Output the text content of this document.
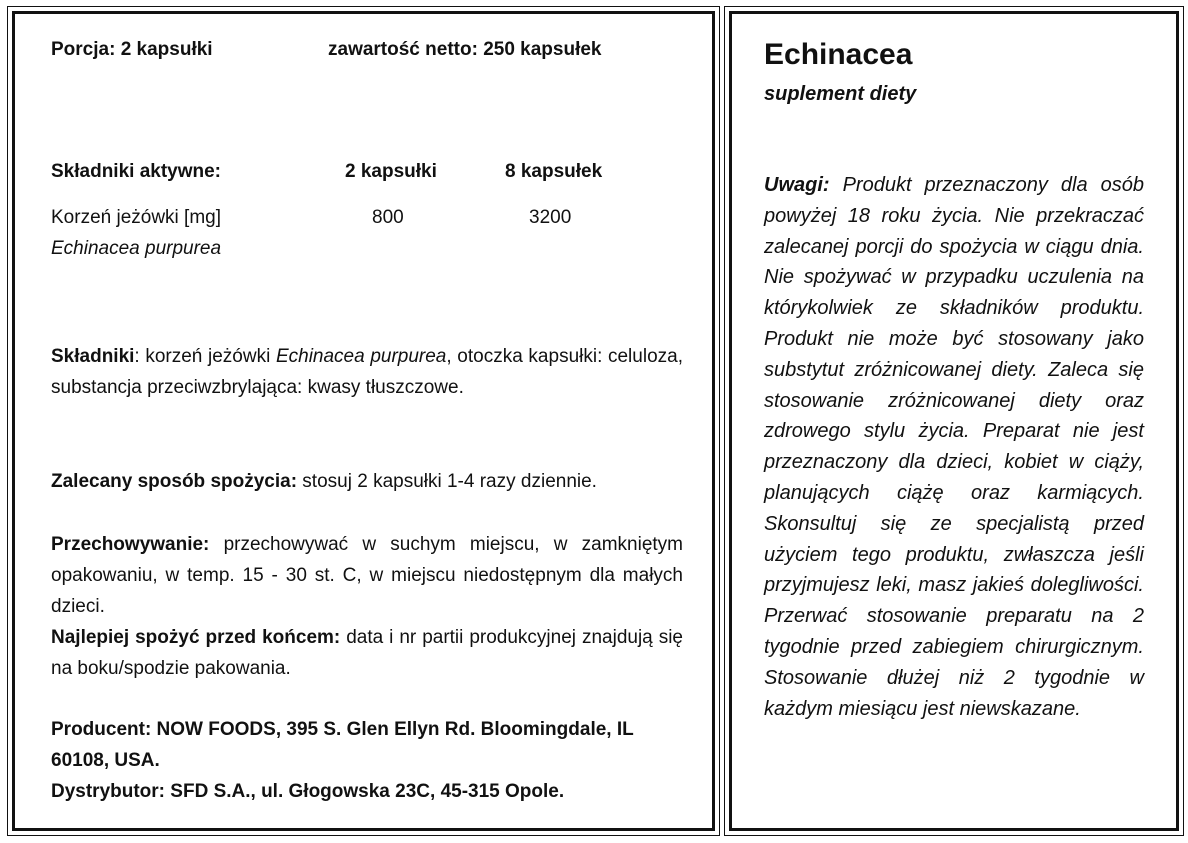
Porcja: 2 kapsułki	zawartość netto: 250 kapsułek
Składniki aktywne:	2 kapsułki	8 kapsułek
Korzeń jeżówki [mg]	800	3200
Echinacea purpurea
Składniki: korzeń jeżówki Echinacea purpurea, otoczka kapsułki: celuloza, substancja przeciwzbrylająca: kwasy tłuszczowe.
Zalecany sposób spożycia: stosuj 2 kapsułki 1-4 razy dziennie.
Przechowywanie: przechowywać w suchym miejscu, w zamkniętym opakowaniu, w temp. 15 - 30 st. C, w miejscu niedostępnym dla małych dzieci.
Najlepiej spożyć przed końcem: data i nr partii produkcyjnej znajdują się na boku/spodzie pakowania.
Producent: NOW FOODS, 395 S. Glen Ellyn Rd. Bloomingdale, IL 60108, USA.
Dystrybutor: SFD S.A., ul. Głogowska 23C, 45-315 Opole.
Echinacea
suplement diety
Uwagi: Produkt przeznaczony dla osób powyżej 18 roku życia. Nie przekraczać zalecanej porcji do spożycia w ciągu dnia. Nie spożywać w przypadku uczulenia na którykolwiek ze składników produktu. Produkt nie może być stosowany jako substytut zróżnicowanej diety. Zaleca się stosowanie zróżnicowanej diety oraz zdrowego stylu życia. Preparat nie jest przeznaczony dla dzieci, kobiet w ciąży, planujących ciążę oraz karmiących. Skonsultuj się ze specjalistą przed użyciem tego produktu, zwłaszcza jeśli przyjmujesz leki, masz jakieś dolegliwości. Przerwać stosowanie preparatu na 2 tygodnie przed zabiegiem chirurgicznym. Stosowanie dłużej niż 2 tygodnie w każdym miesiącu jest niewskazane.
